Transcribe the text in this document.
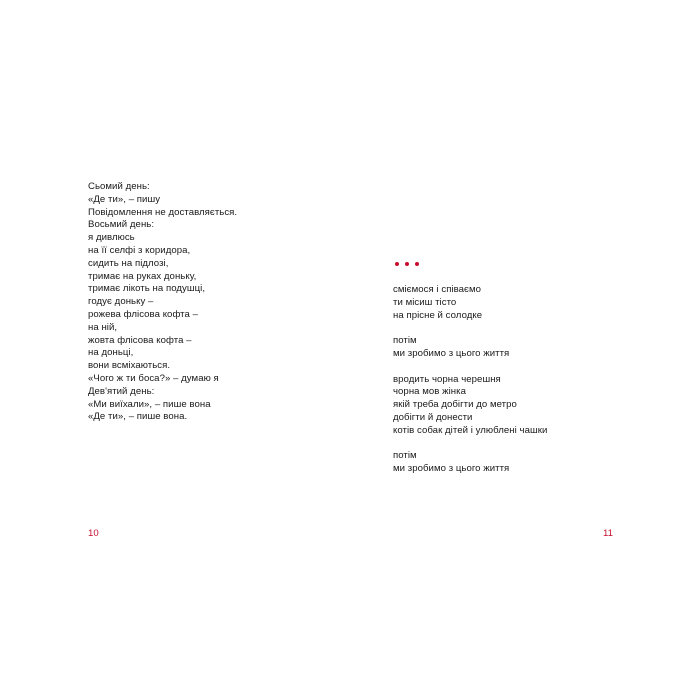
Сьомий день:
«Де ти», – пишу
Повідомлення не доставляється.
Восьмий день:
я дивлюсь
на її селфі з коридора,
сидить на підлозі,
тримає на руках доньку,
тримає лікоть на подушці,
годує доньку –
рожева флісова кофта –
на ній,
жовта флісова кофта –
на доньці,
вони всміхаються.
«Чого ж ти боса?» – думаю я
Дев'ятий день:
«Ми виїхали», – пише вона
«Де ти», – пише вона.
10
сміємося і співаємо
ти місиш тісто
на прісне й солодке
потім
ми зробимо з цього життя
вродить чорна черешня
чорна мов жінка
якій треба добігти до метро
добігти й донести
котів собак дітей і улюблені чашки
потім
ми зробимо з цього життя
11
